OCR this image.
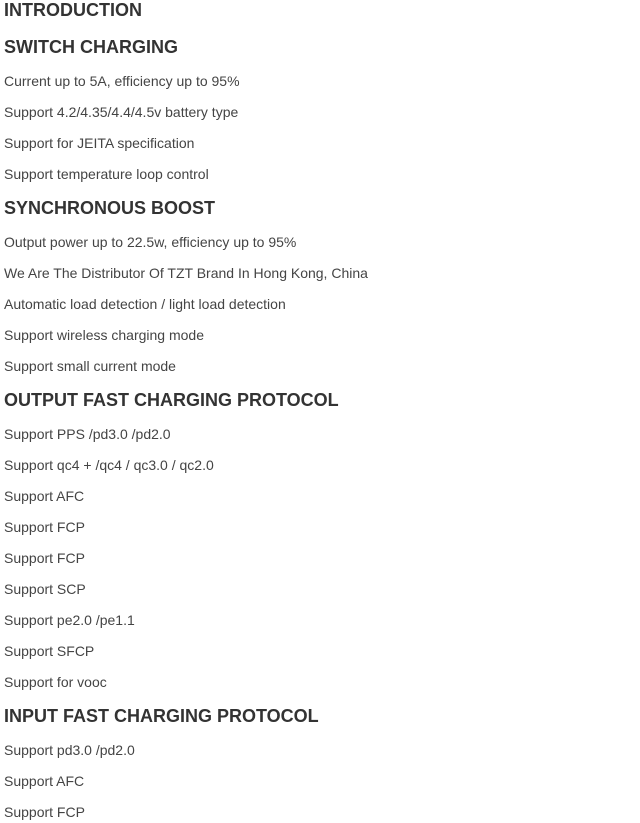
INTRODUCTION
SWITCH CHARGING
Current up to 5A, efficiency up to 95%
Support 4.2/4.35/4.4/4.5v battery type
Support for JEITA specification
Support temperature loop control
SYNCHRONOUS BOOST
Output power up to 22.5w, efficiency up to 95%
We Are The Distributor Of TZT Brand In Hong Kong, China
Automatic load detection / light load detection
Support wireless charging mode
Support small current mode
OUTPUT FAST CHARGING PROTOCOL
Support PPS /pd3.0 /pd2.0
Support qc4 + /qc4 / qc3.0 / qc2.0
Support AFC
Support FCP
Support FCP
Support SCP
Support pe2.0 /pe1.1
Support SFCP
Support for vooc
INPUT FAST CHARGING PROTOCOL
Support pd3.0 /pd2.0
Support AFC
Support FCP
